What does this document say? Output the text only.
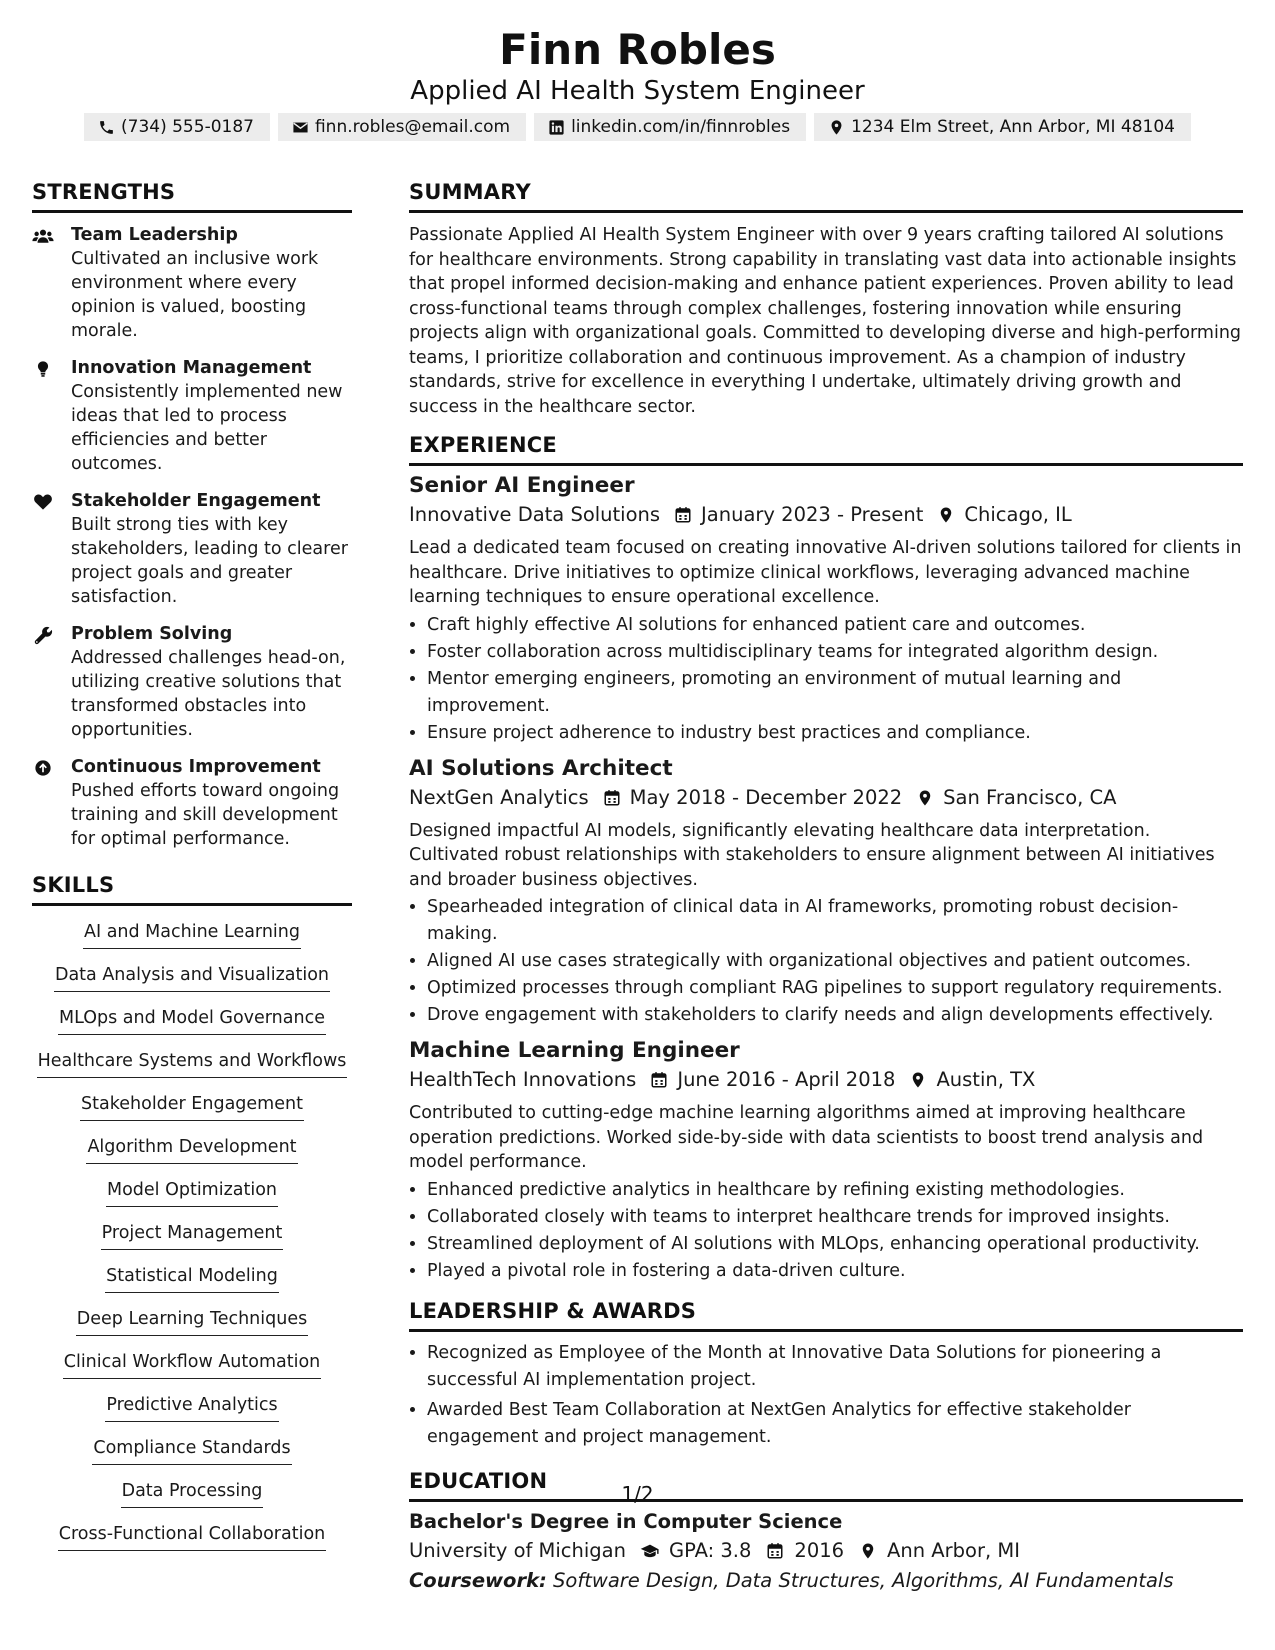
Finn Robles
Applied AI Health System Engineer
(734) 555-0187	finn.robles@email.com	linkedin.com/in/finnrobles	1234 Elm Street, Ann Arbor, MI 48104
STRENGTHS
Team Leadership
Cultivated an inclusive work environment where every opinion is valued, boosting morale.
Innovation Management
Consistently implemented new ideas that led to process efficiencies and better outcomes.
Stakeholder Engagement
Built strong ties with key stakeholders, leading to clearer project goals and greater satisfaction.
Problem Solving
Addressed challenges head-on, utilizing creative solutions that transformed obstacles into opportunities.
Continuous Improvement
Pushed efforts toward ongoing training and skill development for optimal performance.
SKILLS
AI and Machine Learning
Data Analysis and Visualization
MLOps and Model Governance
Healthcare Systems and Workflows
Stakeholder Engagement
Algorithm Development
Model Optimization
Project Management
Statistical Modeling
Deep Learning Techniques
Clinical Workflow Automation
Predictive Analytics
Compliance Standards
Data Processing
Cross-Functional Collaboration
SUMMARY
Passionate Applied AI Health System Engineer with over 9 years crafting tailored AI solutions for healthcare environments. Strong capability in translating vast data into actionable insights that propel informed decision-making and enhance patient experiences. Proven ability to lead cross-functional teams through complex challenges, fostering innovation while ensuring projects align with organizational goals. Committed to developing diverse and high-performing teams, I prioritize collaboration and continuous improvement. As a champion of industry standards, strive for excellence in everything I undertake, ultimately driving growth and success in the healthcare sector.
EXPERIENCE
Senior AI Engineer
Innovative Data Solutions January 2023 - Present Chicago, IL
Lead a dedicated team focused on creating innovative AI-driven solutions tailored for clients in healthcare. Drive initiatives to optimize clinical workflows, leveraging advanced machine learning techniques to ensure operational excellence.
• Craft highly effective AI solutions for enhanced patient care and outcomes.
• Foster collaboration across multidisciplinary teams for integrated algorithm design.
• Mentor emerging engineers, promoting an environment of mutual learning and improvement.
• Ensure project adherence to industry best practices and compliance.
AI Solutions Architect
NextGen Analytics May 2018 - December 2022 San Francisco, CA
Designed impactful AI models, significantly elevating healthcare data interpretation. Cultivated robust relationships with stakeholders to ensure alignment between AI initiatives and broader business objectives.
• Spearheaded integration of clinical data in AI frameworks, promoting robust decision-making.
• Aligned AI use cases strategically with organizational objectives and patient outcomes.
• Optimized processes through compliant RAG pipelines to support regulatory requirements.
• Drove engagement with stakeholders to clarify needs and align developments effectively.
Machine Learning Engineer
HealthTech Innovations June 2016 - April 2018 Austin, TX
Contributed to cutting-edge machine learning algorithms aimed at improving healthcare operation predictions. Worked side-by-side with data scientists to boost trend analysis and model performance.
• Enhanced predictive analytics in healthcare by refining existing methodologies.
• Collaborated closely with teams to interpret healthcare trends for improved insights.
• Streamlined deployment of AI solutions with MLOps, enhancing operational productivity.
• Played a pivotal role in fostering a data-driven culture.
LEADERSHIP & AWARDS
• Recognized as Employee of the Month at Innovative Data Solutions for pioneering a successful AI implementation project.
• Awarded Best Team Collaboration at NextGen Analytics for effective stakeholder engagement and project management.
EDUCATION
Bachelor's Degree in Computer Science
University of Michigan GPA: 3.8 2016 Ann Arbor, MI
Coursework: Software Design, Data Structures, Algorithms, AI Fundamentals
1/2
